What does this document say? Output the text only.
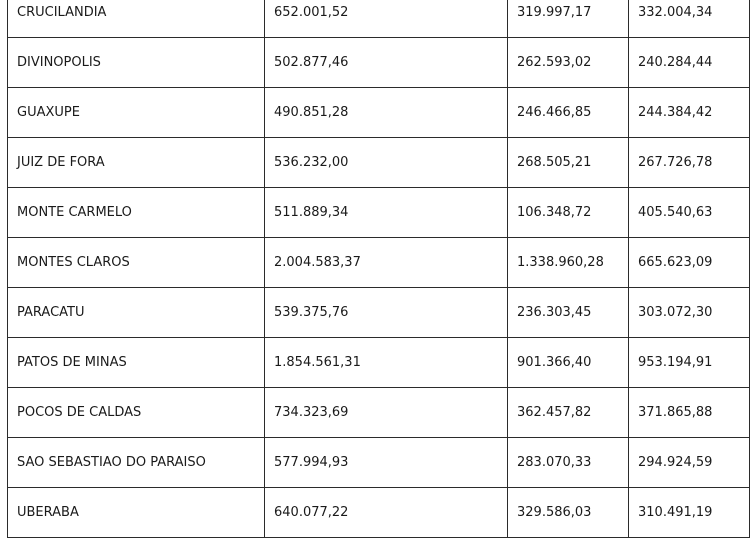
CRUCILANDIA	652.001,52	319.997,17	332.004,34
DIVINOPOLIS	502.877,46	262.593,02	240.284,44
GUAXUPE	490.851,28	246.466,85	244.384,42
JUIZ DE FORA	536.232,00	268.505,21	267.726,78
MONTE CARMELO	511.889,34	106.348,72	405.540,63
MONTES CLAROS	2.004.583,37	1.338.960,28	665.623,09
PARACATU	539.375,76	236.303,45	303.072,30
PATOS DE MINAS	1.854.561,31	901.366,40	953.194,91
POCOS DE CALDAS	734.323,69	362.457,82	371.865,88
SAO SEBASTIAO DO PARAISO	577.994,93	283.070,33	294.924,59
UBERABA	640.077,22	329.586,03	310.491,19
